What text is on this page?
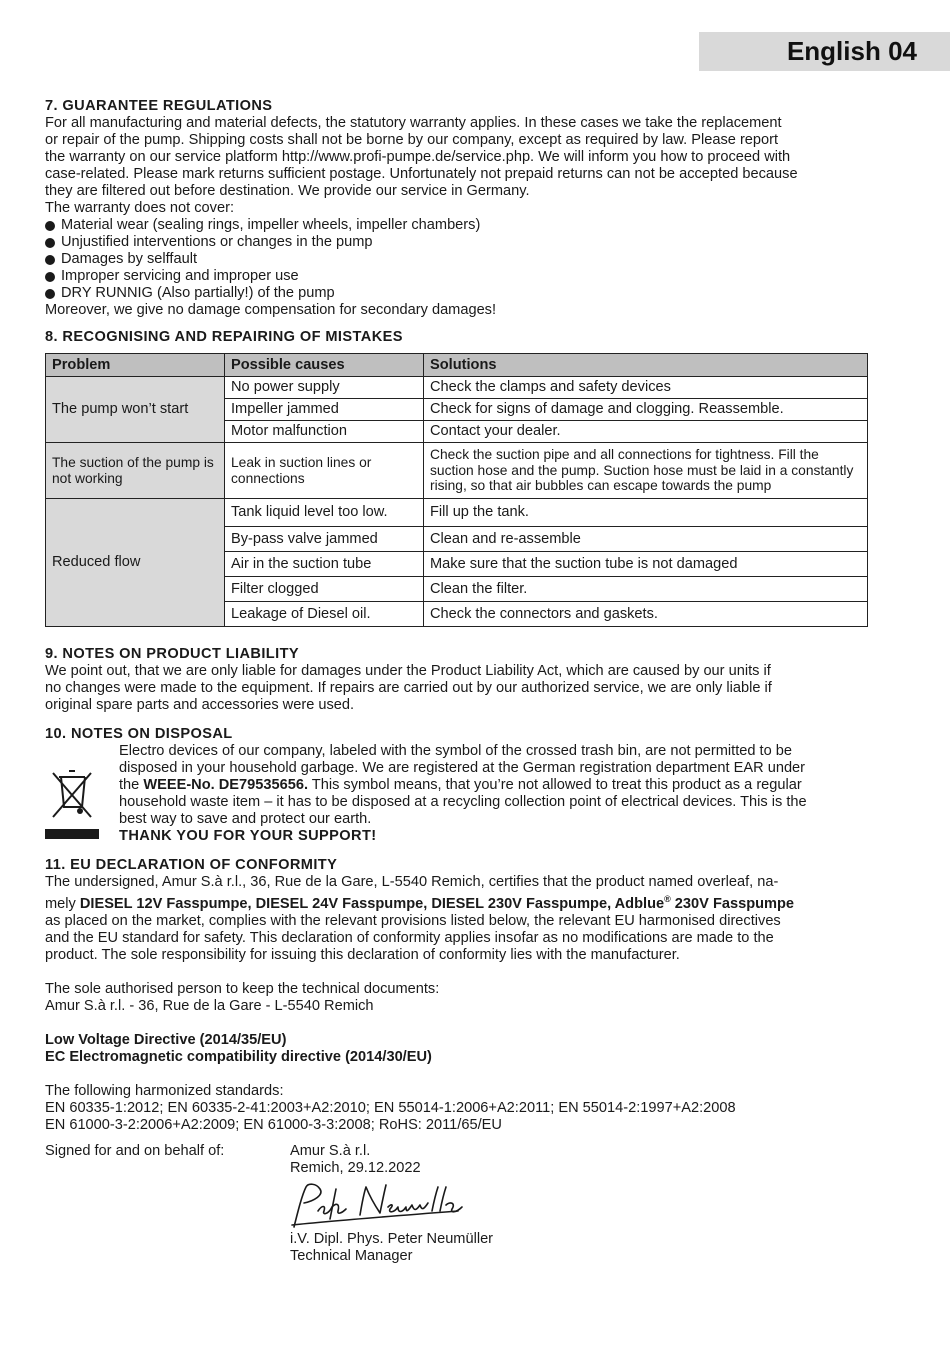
English 04

7. GUARANTEE REGULATIONS

For all manufacturing and material defects, the statutory warranty applies. In these cases we take the replacement

or repair of the pump. Shipping costs shall not be borne by our company, except as required by law. Please report

the warranty on our service platform http://www.profi-pumpe.de/service.php. We will inform you how to proceed with

case-related. Please mark returns sufficient postage. Unfortunately not prepaid returns can not be accepted because

they are filtered out before destination. We provide our service in Germany.

The warranty does not cover:

Material wear (sealing rings, impeller wheels, impeller chambers)
Unjustified interventions or changes in the pump
Damages by selffault
Improper servicing and improper use
DRY RUNNIG (Also partially!) of the pump

Moreover, we give no damage compensation for secondary damages!

8. RECOGNISING AND REPAIRING OF MISTAKES

Problem	Possible causes	Solutions
The pump won’t start	No power supply	Check the clamps and safety devices
	Impeller jammed	Check for signs of damage and clogging. Reassemble.
	Motor malfunction	Contact your dealer.
The suction of the pump is not working	Leak in suction lines or connections	Check the suction pipe and all connections for tightness. Fill the suction hose and the pump. Suction hose must be laid in a constantly rising, so that air bubbles can escape towards the pump
Reduced flow	Tank liquid level too low.	Fill up the tank.
	By-pass valve jammed	Clean and re-assemble
	Air in the suction tube	Make sure that the suction tube is not damaged
	Filter clogged	Clean the filter.
	Leakage of Diesel oil.	Check the connectors and gaskets.

9. NOTES ON PRODUCT LIABILITY

We point out, that we are only liable for damages under the Product Liability Act, which are caused by our units if

no changes were made to the equipment. If repairs are carried out by our authorized service, we are only liable if

original spare parts and accessories were used.

10. NOTES ON DISPOSAL

Electro devices of our company, labeled with the symbol of the crossed trash bin, are not permitted to be

disposed in your household garbage. We are registered at the German registration department EAR under

the WEEE-No. DE79535656. This symbol means, that you’re not allowed to treat this product as a regular

household waste item – it has to be disposed at a recycling collection point of electrical devices. This is the

best way to save and protect our earth.

THANK YOU FOR YOUR SUPPORT!

11. EU DECLARATION OF CONFORMITY

The undersigned, Amur S.à r.l., 36, Rue de la Gare, L-5540 Remich, certifies that the product named overleaf, na-

mely DIESEL 12V Fasspumpe, DIESEL 24V Fasspumpe, DIESEL 230V Fasspumpe, Adblue® 230V Fasspumpe

as placed on the market, complies with the relevant provisions listed below, the relevant EU harmonised directives

and the EU standard for safety. This declaration of conformity applies insofar as no modifications are made to the

product. The sole responsibility for issuing this declaration of conformity lies with the manufacturer.

The sole authorised person to keep the technical documents:

Amur S.à r.l. - 36, Rue de la Gare - L-5540 Remich

Low Voltage Directive (2014/35/EU)

EC Electromagnetic compatibility directive (2014/30/EU)

The following harmonized standards:

EN 60335-1:2012; EN 60335-2-41:2003+A2:2010; EN 55014-1:2006+A2:2011; EN 55014-2:1997+A2:2008

EN 61000-3-2:2006+A2:2009; EN 61000-3-3:2008; RoHS: 2011/65/EU

Signed for and on behalf of:	Amur S.à r.l.

Remich, 29.12.2022

i.V. Dipl. Phys. Peter Neumüller

Technical Manager
